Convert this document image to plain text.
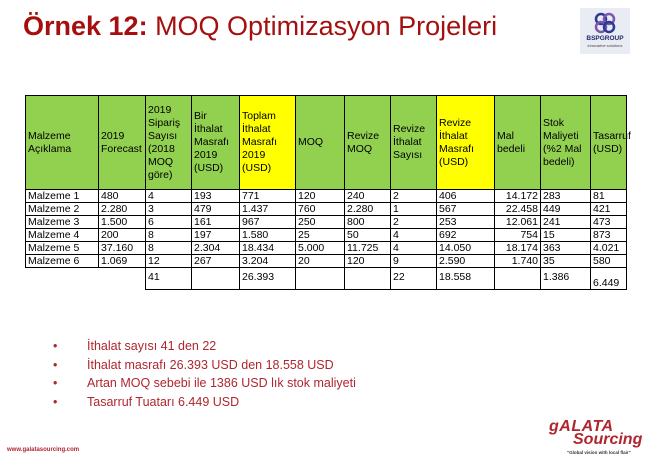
Örnek 12: MOQ Optimizasyon Projeleri	BSPGROUP
innovative solutions
Malzeme Açıklama	2019 Forecast	2019 Sipariş Sayısı (2018 MOQ göre)	Bir İthalat Masrafı 2019 (USD)	Toplam İthalat Masrafı 2019 (USD)	MOQ	Revize MOQ	Revize İthalat Sayısı	Revize İthalat Masrafı (USD)	Mal bedeli	Stok Maliyeti (%2 Mal bedeli)	Tasarruf (USD)
Malzeme 1	480	4	193	771	120	240	2	406	14.172	283	81
Malzeme 2	2.280	3	479	1.437	760	2.280	1	567	22.458	449	421
Malzeme 3	1.500	6	161	967	250	800	2	253	12.061	241	473
Malzeme 4	200	8	197	1.580	25	50	4	692	754	15	873
Malzeme 5	37.160	8	2.304	18.434	5.000	11.725	4	14.050	18.174	363	4.021
Malzeme 6	1.069	12	267	3.204	20	120	9	2.590	1.740	35	580
		41		26.393			22	18.558		1.386	6.449
• İthalat sayısı 41 den 22
• İthalat masrafı 26.393 USD den 18.558 USD
• Artan MOQ sebebi ile 1386 USD lık stok maliyeti
• Tasarruf Tuatarı 6.449 USD
www.galatasourcing.com
gALATA
Sourcing
"Global vision with local flair"
